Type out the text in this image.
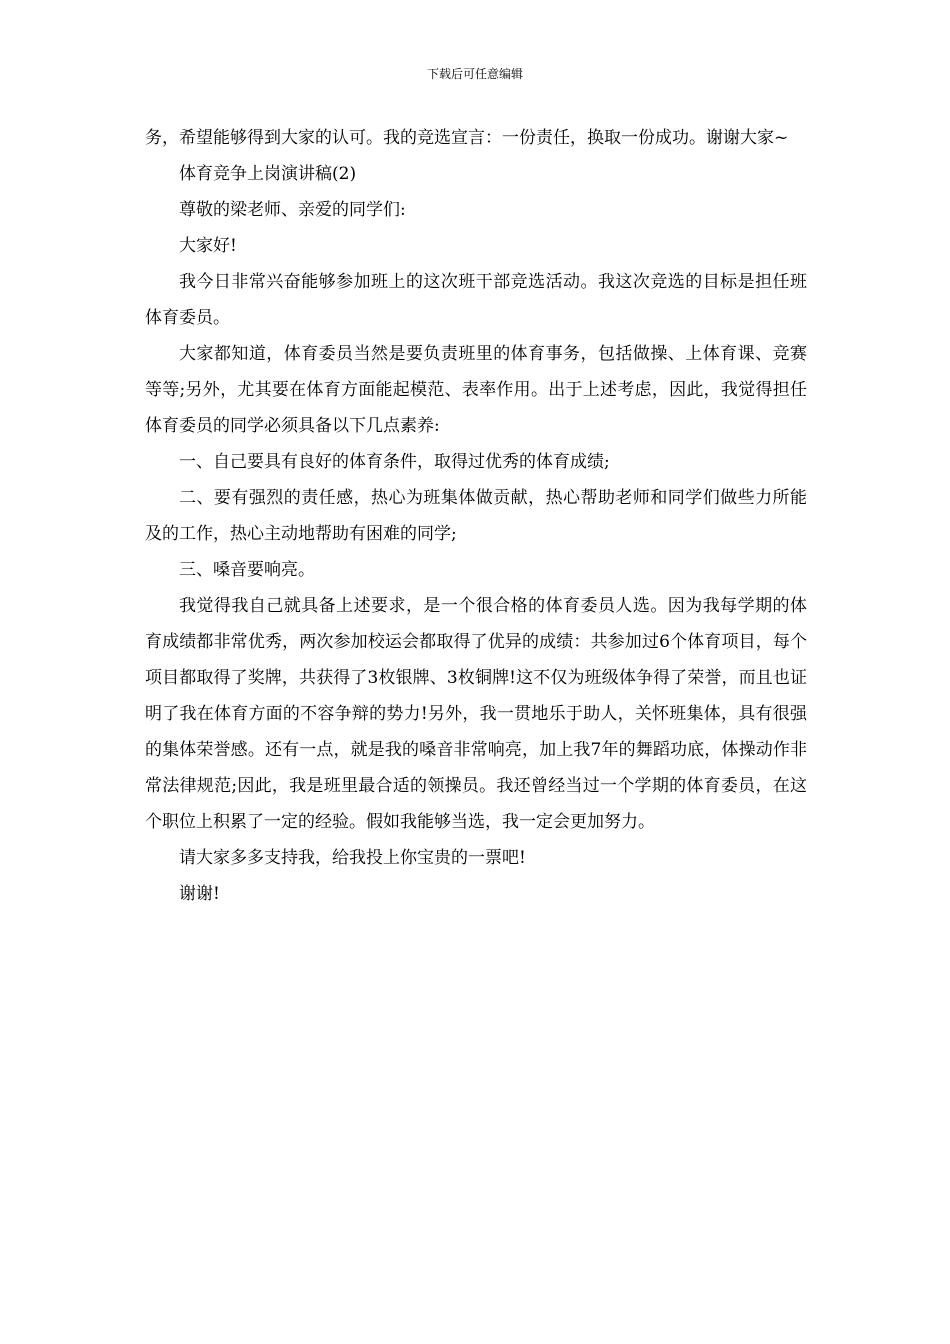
下载后可任意编辑

务，希望能够得到大家的认可。我的竞选宣言：一份责任，换取一份成功。谢谢大家~

体育竞争上岗演讲稿(2)

尊敬的梁老师、亲爱的同学们:

大家好!

我今日非常兴奋能够参加班上的这次班干部竞选活动。我这次竞选的目标是担任班体育委员。

大家都知道，体育委员当然是要负责班里的体育事务，包括做操、上体育课、竞赛等等;另外，尤其要在体育方面能起模范、表率作用。出于上述考虑，因此，我觉得担任体育委员的同学必须具备以下几点素养:

一、自己要具有良好的体育条件，取得过优秀的体育成绩;

二、要有强烈的责任感，热心为班集体做贡献，热心帮助老师和同学们做些力所能及的工作，热心主动地帮助有困难的同学;

三、嗓音要响亮。

我觉得我自己就具备上述要求，是一个很合格的体育委员人选。因为我每学期的体育成绩都非常优秀，两次参加校运会都取得了优异的成绩：共参加过6个体育项目，每个项目都取得了奖牌，共获得了3枚银牌、3枚铜牌!这不仅为班级体争得了荣誉，而且也证明了我在体育方面的不容争辩的势力!另外，我一贯地乐于助人，关怀班集体，具有很强的集体荣誉感。还有一点，就是我的嗓音非常响亮，加上我7年的舞蹈功底，体操动作非常法律规范;因此，我是班里最合适的领操员。我还曾经当过一个学期的体育委员，在这个职位上积累了一定的经验。假如我能够当选，我一定会更加努力。

请大家多多支持我，给我投上你宝贵的一票吧!

谢谢!
